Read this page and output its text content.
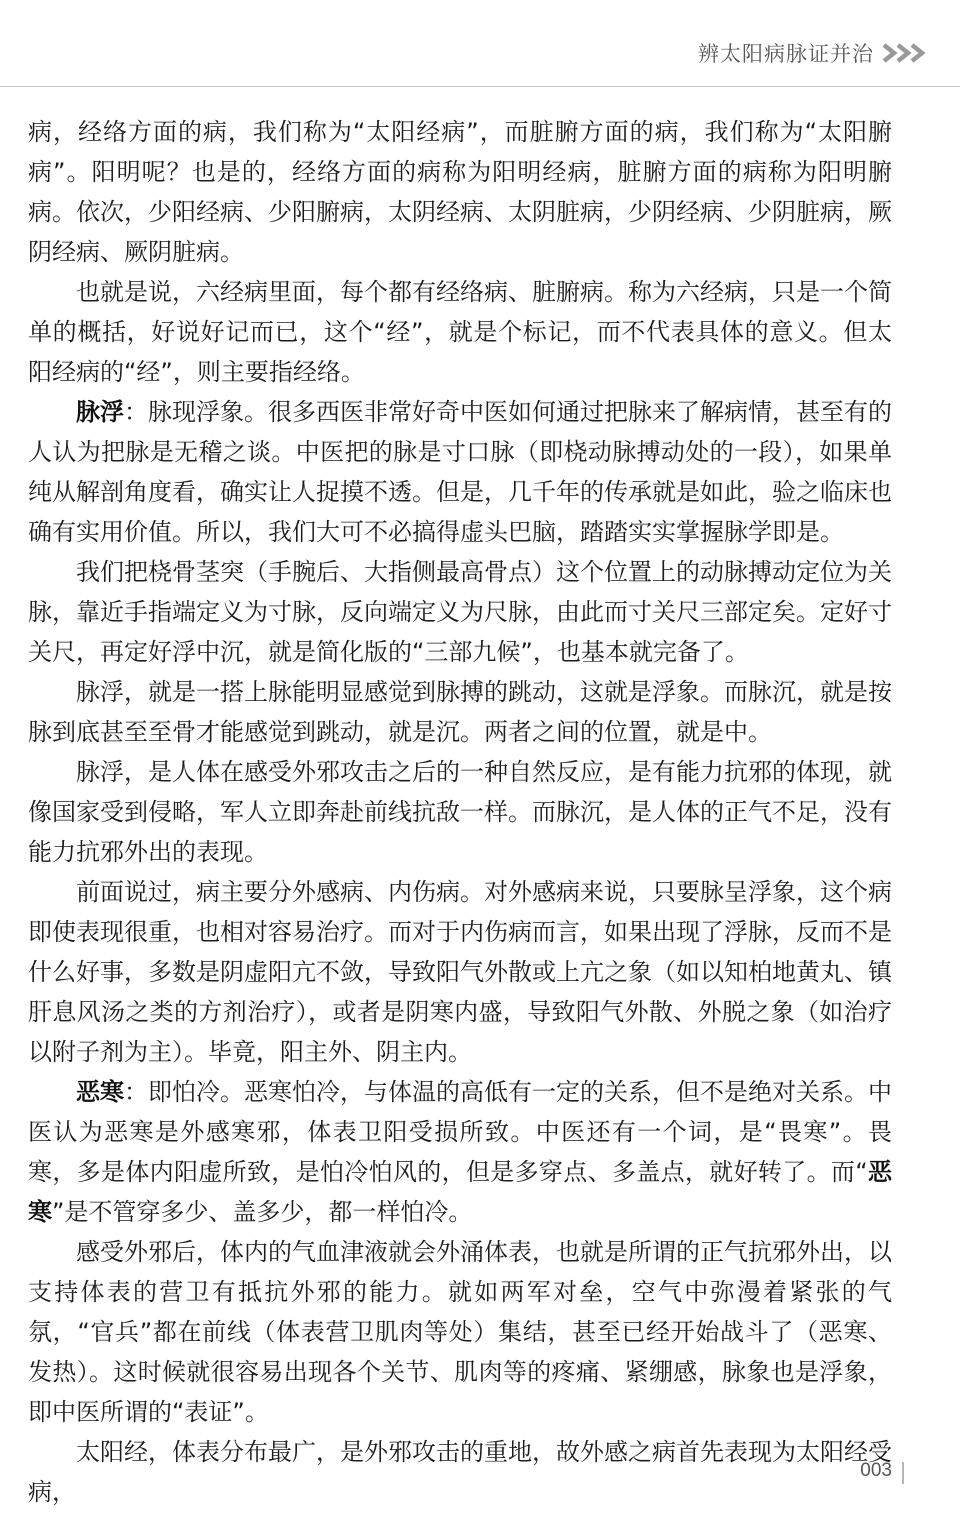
辨太阳病脉证并治

病，经络方面的病，我们称为“太阳经病”，而脏腑方面的病，我们称为“太阳腑病”。阳明呢？也是的，经络方面的病称为阳明经病，脏腑方面的病称为阳明腑病。依次，少阳经病、少阳腑病，太阴经病、太阴脏病，少阴经病、少阴脏病，厥阴经病、厥阴脏病。

也就是说，六经病里面，每个都有经络病、脏腑病。称为六经病，只是一个简单的概括，好说好记而已，这个“经”，就是个标记，而不代表具体的意义。但太阳经病的“经”，则主要指经络。

脉浮：脉现浮象。很多西医非常好奇中医如何通过把脉来了解病情，甚至有的人认为把脉是无稽之谈。中医把的脉是寸口脉（即桡动脉搏动处的一段），如果单纯从解剖角度看，确实让人捉摸不透。但是，几千年的传承就是如此，验之临床也确有实用价值。所以，我们大可不必搞得虚头巴脑，踏踏实实掌握脉学即是。

我们把桡骨茎突（手腕后、大指侧最高骨点）这个位置上的动脉搏动定位为关脉，靠近手指端定义为寸脉，反向端定义为尺脉，由此而寸关尺三部定矣。定好寸关尺，再定好浮中沉，就是简化版的“三部九候”，也基本就完备了。

脉浮，就是一搭上脉能明显感觉到脉搏的跳动，这就是浮象。而脉沉，就是按脉到底甚至至骨才能感觉到跳动，就是沉。两者之间的位置，就是中。

脉浮，是人体在感受外邪攻击之后的一种自然反应，是有能力抗邪的体现，就像国家受到侵略，军人立即奔赴前线抗敌一样。而脉沉，是人体的正气不足，没有能力抗邪外出的表现。

前面说过，病主要分外感病、内伤病。对外感病来说，只要脉呈浮象，这个病即使表现很重，也相对容易治疗。而对于内伤病而言，如果出现了浮脉，反而不是什么好事，多数是阴虚阳亢不敛，导致阳气外散或上亢之象（如以知柏地黄丸、镇肝息风汤之类的方剂治疗），或者是阴寒内盛，导致阳气外散、外脱之象（如治疗以附子剂为主）。毕竟，阳主外、阴主内。

恶寒：即怕冷。恶寒怕冷，与体温的高低有一定的关系，但不是绝对关系。中医认为恶寒是外感寒邪，体表卫阳受损所致。中医还有一个词，是“畏寒”。畏寒，多是体内阳虚所致，是怕冷怕风的，但是多穿点、多盖点，就好转了。而“恶寒”是不管穿多少、盖多少，都一样怕冷。

感受外邪后，体内的气血津液就会外涌体表，也就是所谓的正气抗邪外出，以支持体表的营卫有抵抗外邪的能力。就如两军对垒，空气中弥漫着紧张的气氛，“官兵”都在前线（体表营卫肌肉等处）集结，甚至已经开始战斗了（恶寒、发热）。这时候就很容易出现各个关节、肌肉等的疼痛、紧绷感，脉象也是浮象，即中医所谓的“表证”。

太阳经，体表分布最广，是外邪攻击的重地，故外感之病首先表现为太阳经受病，

003
